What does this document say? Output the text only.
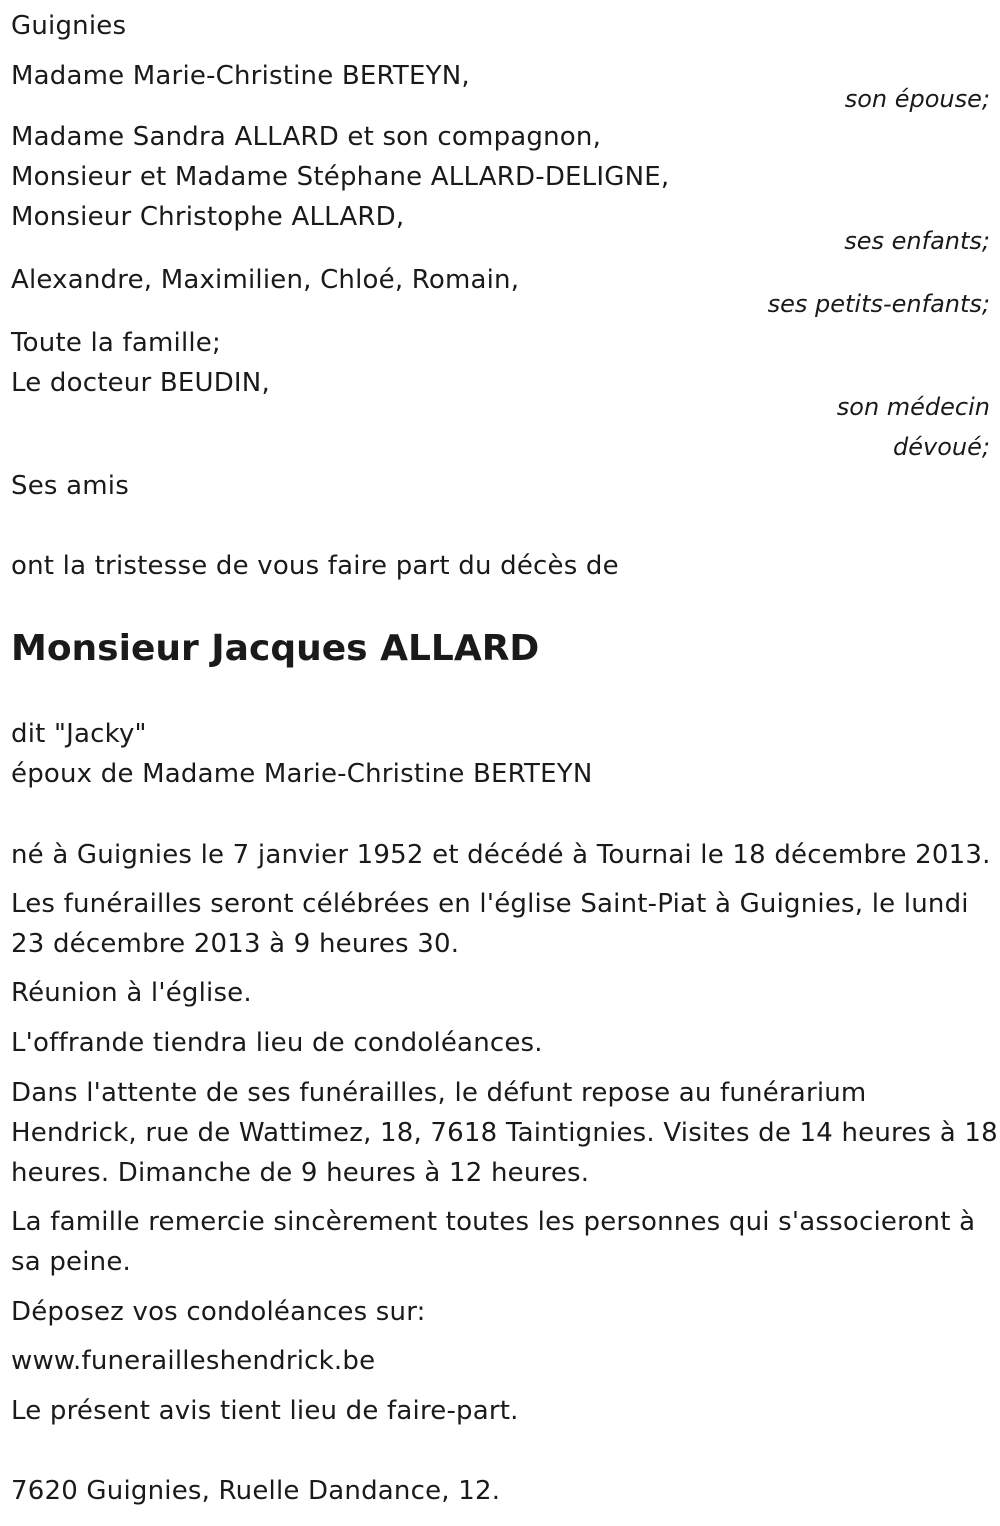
Guignies
Madame Marie-Christine BERTEYN,
son épouse;
Madame Sandra ALLARD et son compagnon,
Monsieur et Madame Stéphane ALLARD-DELIGNE,
Monsieur Christophe ALLARD,
ses enfants;
Alexandre, Maximilien, Chloé, Romain,
ses petits-enfants;
Toute la famille;
Le docteur BEUDIN,
son médecin
dévoué;
Ses amis
ont la tristesse de vous faire part du décès de
Monsieur Jacques ALLARD
dit "Jacky"
époux de Madame Marie-Christine BERTEYN
né à Guignies le 7 janvier 1952 et décédé à Tournai le 18 décembre 2013.
Les funérailles seront célébrées en l'église Saint-Piat à Guignies, le lundi
23 décembre 2013 à 9 heures 30.
Réunion à l'église.
L'offrande tiendra lieu de condoléances.
Dans l'attente de ses funérailles, le défunt repose au funérarium
Hendrick, rue de Wattimez, 18, 7618 Taintignies. Visites de 14 heures à 18
heures. Dimanche de 9 heures à 12 heures.
La famille remercie sincèrement toutes les personnes qui s'associeront à
sa peine.
Déposez vos condoléances sur:
www.funerailleshendrick.be
Le présent avis tient lieu de faire-part.
7620 Guignies, Ruelle Dandance, 12.
